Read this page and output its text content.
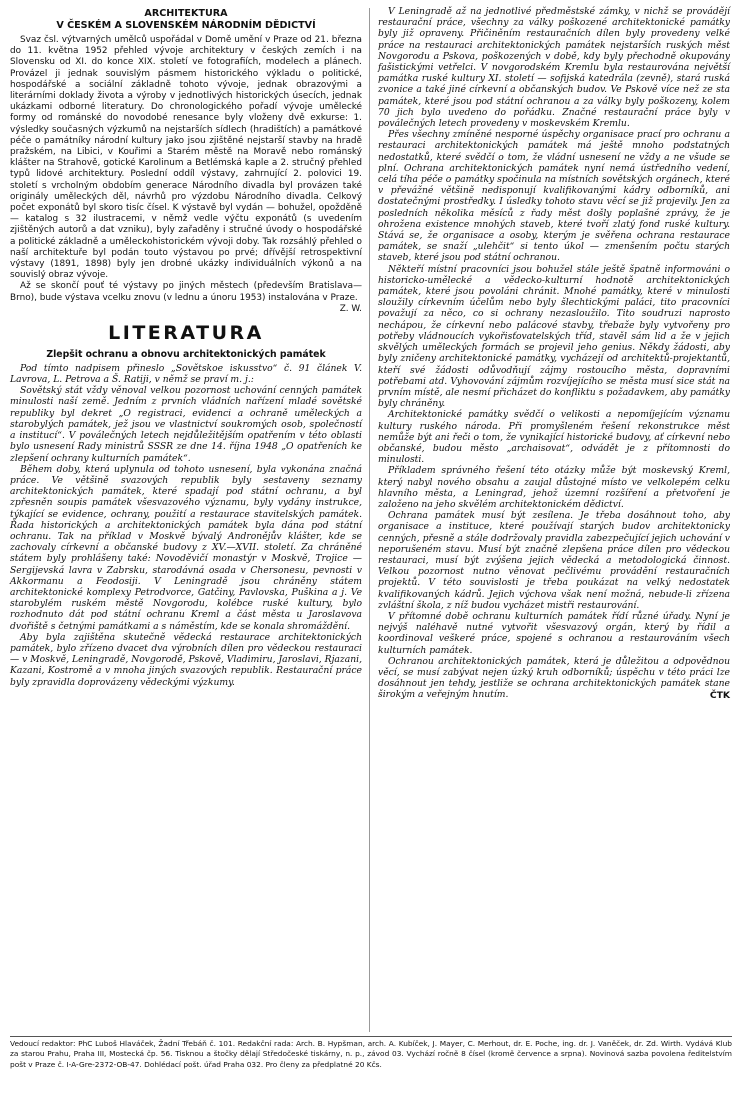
ARCHITEKTURA

V ČESKÉM A SLOVENSKÉM NÁRODNÍM DĚDICTVÍ

Svaz čsl. výtvarných umělců uspořádal v Domě umění v Praze od 21. března do 11. května 1952 přehled vývoje architektury v českých zemích i na Slovensku od XI. do konce XIX. století ve fotografiích, modelech a plánech. Provázel ji jednak souvislým pásmem historického výkladu o politické, hospodářské a sociální základně tohoto vývoje, jednak obrazovými a literárními doklady života a výroby v jednotlivých historických úsecích, jednak ukázkami odborné literatury. Do chronologického pořadí vývoje umělecké formy od románské do novodobé renesance byly vloženy dvě exkurse: 1. výsledky současných výzkumů na nejstarších sídlech (hradištích) a památkové péče o památníky národní kultury jako jsou zjištěné nejstarší stavby na hradě pražském, na Libici, v Kouřimi a Starém městě na Moravě nebo románský klášter na Strahově, gotické Karolinum a Betlémská kaple a 2. stručný přehled typů lidové architektury. Poslední oddíl výstavy, zahrnující 2. polovici 19. století s vrcholným obdobím generace Národního divadla byl provázen také originály uměleckých děl, návrhů pro výzdobu Národního divadla. Celkový počet exponátů byl skoro tisíc čísel. K výstavě byl vydán — bohužel, opožděně — katalog s 32 ilustracemi, v němž vedle výčtu exponátů (s uvedením zjištěných autorů a dat vzniku), byly zařaděny i stručné úvody o hospodářské a politické základně a uměleckohistorickém vývoji doby. Tak rozsáhlý přehled o naší architektuře byl podán touto výstavou po prvé; dřívější retrospektivní výstavy (1891, 1898) byly jen drobné ukázky individuálních výkonů a na souvislý obraz vývoje.

Až se skončí pouť té výstavy po jiných městech (především Bratislava—Brno), bude výstava vcelku znovu (v lednu a únoru 1953) instalována v Praze.

Z. W.

LITERATURA

Zlepšit ochranu a obnovu architektonických památek

Pod tímto nadpisem přineslo „Sovětskoe iskusstvo“ č. 91 článek V. Lavrova, L. Petrova a Š. Ratiji, v němž se praví m. j.:

Sovětský stát vždy věnoval velkou pozornost uchování cenných památek minulosti naší země. Jedním z prvních vládních nařízení mladé sovětské republiky byl dekret „O registraci, evidenci a ochraně uměleckých a starobylých památek, jež jsou ve vlastnictví soukromých osob, společností a institucí“. V poválečných letech nejdůležitějším opatřením v této oblasti bylo usnesení Rady ministrů SSSR ze dne 14. října 1948 „O opatřeních ke zlepšení ochrany kulturních památek“.

Během doby, která uplynula od tohoto usnesení, byla vykonána značná práce. Ve většině svazových republik byly sestaveny seznamy architektonických památek, které spadají pod státní ochranu, a byl zpřesněn soupis památek všesvazového významu, byly vydány instrukce, týkající se evidence, ochrany, použití a restaurace stavitelských památek. Řada historických a architektonických památek byla dána pod státní ochranu. Tak na příklad v Moskvě bývalý Andronějův klášter, kde se zachovaly církevní a občanské budovy z XV.—XVII. století. Za chráněné státem byly prohlášeny také: Novoděvičí monastýr v Moskvě, Trojice — Sergijevská lavra v Zabrsku, starodávná osada v Chersonesu, pevnosti v Akkormanu a Feodosiji. V Leningradě jsou chráněny státem architektonické komplexy Petrodvorce, Gatčiny, Pavlovska, Puškina a j. Ve starobylém ruském městě Novgorodu, kolébce ruské kultury, bylo rozhodnuto dát pod státní ochranu Kreml a část města u Jaroslavova dvořiště s četnými památkami a s náměstím, kde se konala shromáždění.

Aby byla zajištěna skutečně vědecká restaurace architektonických památek, bylo zřízeno dvacet dva výrobních dílen pro vědeckou restauraci — v Moskvě, Leningradě, Novgorodě, Pskově, Vladimiru, Jaroslavi, Rjazani, Kazani, Kostromě a v mnoha jiných svazových republik. Restaurační práce byly zpravidla doprovázeny vědeckými výzkumy.

V Leningradě až na jednotlivé předměstské zámky, v nichž se provádějí restaurační práce, všechny za války poškozené architektonické památky byly již opraveny. Přičiněním restauračních dílen byly provedeny velké práce na restauraci architektonických památek nejstarších ruských měst Novgorodu a Pskova, poškozených v době, kdy byly přechodně okupovány fašistickými vetřelci. V novgorodském Kremlu byla restaurována největší památka ruské kultury XI. století — sofijská katedrála (zevně), stará ruská zvonice a také jiné církevní a občanských budov. Ve Pskově více než ze sta památek, které jsou pod státní ochranou a za války byly poškozeny, kolem 70 jich bylo uvedeno do pořádku. Značné restaurační práce byly v poválečných letech provedeny v moskevském Kremlu.

Přes všechny zmíněné nesporné úspěchy organisace prací pro ochranu a restauraci architektonických památek má ještě mnoho podstatných nedostatků, které svědčí o tom, že vládní usnesení ne vždy a ne všude se plní. Ochrana architektonických památek nyní nemá ústředního vedení, celá tíha péče o památky spočinula na místních sovětských orgánech, které v převážné většině nedisponují kvalifikovanými kádry odborníků, ani dostatečnými prostředky. I úsledky tohoto stavu věcí se již projevily. Jen za posledních několika měsíců z řady měst došly poplašné zprávy, že je ohrožena existence mnohých staveb, které tvoří zlatý fond ruské kultury. Stává se, že organisace a osoby, kterým je svěřena ochrana restaurace památek, se snaží „ulehčit“ si tento úkol — zmenšením počtu starých staveb, které jsou pod státní ochranou.

Někteří místní pracovníci jsou bohužel stále ještě špatně informováni o historicko-umělecké a vědecko-kulturní hodnotě architektonických památek, které jsou povoláni chránit. Mnohé památky, které v minulosti sloužily církevním účelům nebo byly šlechtickými paláci, tito pracovníci považují za něco, co si ochrany nezasloužilo. Tito soudruzi naprosto nechápou, že církevní nebo palácové stavby, třebaže byly vytvořeny pro potřeby vládnoucích vykořisťovatelských tříd, stavěl sám lid a že v jejich skvělých uměleckých formách se projevil jeho genius. Někdy žádosti, aby byly zničeny architektonické památky, vycházejí od architektů-projektantů, kteří své žádosti odůvodňují zájmy rostoucího města, dopravními potřebami atd. Vyhovování zájmům rozvíjejícího se města musí sice stát na prvním místě, ale nesmí přicházet do konfliktu s požadavkem, aby památky byly chráněny.

Architektonické památky svědčí o velikosti a nepomíjejícím významu kultury ruského národa. Při promyšleném řešení rekonstrukce měst nemůže být ani řeči o tom, že vynikající historické budovy, ať církevní nebo občanské, budou město „archaisovat“, odvádět je z přítomnosti do minulosti.

Příkladem správného řešení této otázky může být moskevský Kreml, který nabyl nového obsahu a zaujal důstojné místo ve velkolepém celku hlavního města, a Leningrad, jehož územní rozšíření a přetvoření je založeno na jeho skvělém architektonickém dědictví.

Ochrana památek musí být zesílena. Je třeba dosáhnout toho, aby organisace a instituce, které používají starých budov architektonicky cenných, přesně a stále dodržovaly pravidla zabezpečující jejich uchování v neporušeném stavu. Musí být značně zlepšena práce dílen pro vědeckou restauraci, musí být zvýšena jejich vědecká a metodologická činnost. Velkou pozornost nutno věnovat pečlivému provádění restauračních projektů. V této souvislosti je třeba poukázat na velký nedostatek kvalifikovaných kádrů. Jejich výchova však není možná, nebude-li zřízena zvláštní škola, z níž budou vycházet mistři restaurování.

V přítomné době ochranu kulturních památek řídí různé úřady. Nyní je nejvýš naléhavě nutné vytvořit všesvazový orgán, který by řídil a koordinoval veškeré práce, spojené s ochranou a restaurováním všech kulturních památek.

Ochranou architektonických památek, která je důležitou a odpovědnou věcí, se musí zabývat nejen úzký kruh odborníků; úspěchu v této práci lze dosáhnout jen tehdy, jestliže se ochrana architektonických památek stane širokým a veřejným hnutím.	ČTK

Vedoucí redaktor: PhC Luboš Hlaváček, Žadní Třebáň č. 101. Redakční rada: Arch. B. Hypšman, arch. A. Kubíček, J. Mayer, C. Merhout, dr. E. Poche, ing. dr. J. Vaněček, dr. Zd. Wirth. Vydává Klub za starou Prahu, Praha III, Mostecká čp. 56. Tisknou a štočky dělají Středočeské tiskárny, n. p., závod 03. Vychází ročně 8 čísel (kromě července a srpna). Novinová sazba povolena ředitelstvím pošt v Praze č. I-A-Gre-2372-OB-47. Dohlédací pošt. úřad Praha 032. Pro členy za předplatné 20 Kčs.
